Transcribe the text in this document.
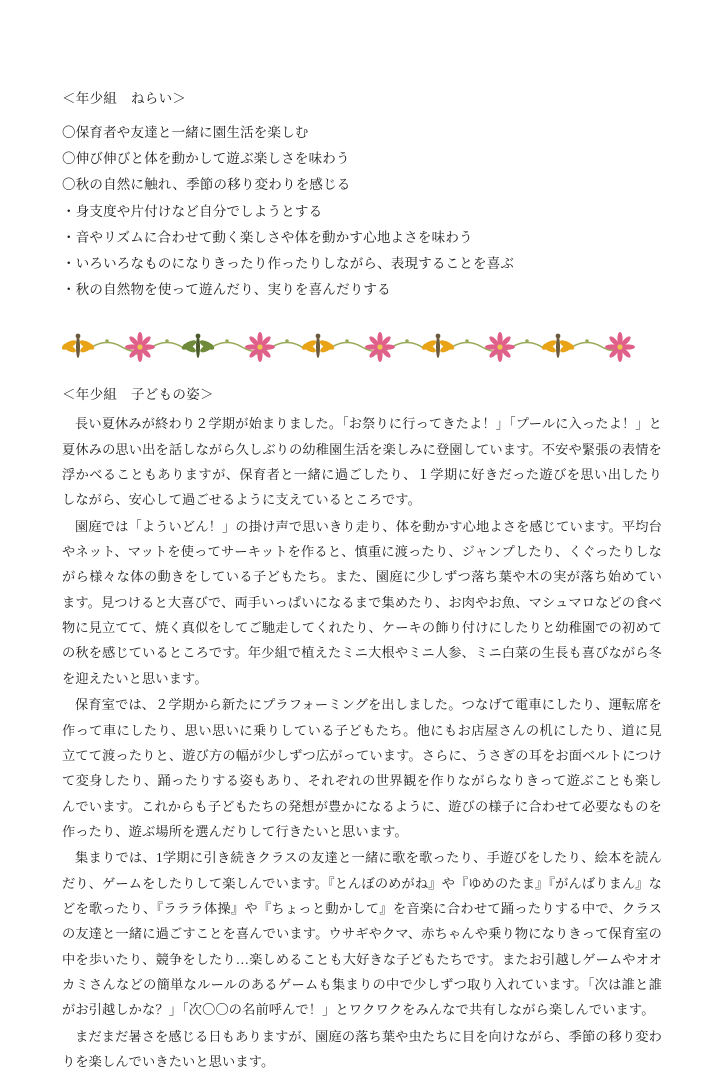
＜年少組　ねらい＞
〇保育者や友達と一緒に園生活を楽しむ
〇伸び伸びと体を動かして遊ぶ楽しさを味わう
〇秋の自然に触れ、季節の移り変わりを感じる
・身支度や片付けなど自分でしようとする
・音やリズムに合わせて動く楽しさや体を動かす心地よさを味わう
・いろいろなものになりきったり作ったりしながら、表現することを喜ぶ
・秋の自然物を使って遊んだり、実りを喜んだりする
＜年少組　子どもの姿＞

長い夏休みが終わり２学期が始まりました。「お祭りに行ってきたよ！」「プールに入ったよ！」と夏休みの思い出を話しながら久しぶりの幼稚園生活を楽しみに登園しています。不安や緊張の表情を浮かべることもありますが、保育者と一緒に過ごしたり、１学期に好きだった遊びを思い出したりしながら、安心して過ごせるように支えているところです。

園庭では「よういどん！」の掛け声で思いきり走り、体を動かす心地よさを感じています。平均台やネット、マットを使ってサーキットを作ると、慎重に渡ったり、ジャンプしたり、くぐったりしながら様々な体の動きをしている子どもたち。また、園庭に少しずつ落ち葉や木の実が落ち始めています。見つけると大喜びで、両手いっぱいになるまで集めたり、お肉やお魚、マシュマロなどの食べ物に見立てて、焼く真似をしてご馳走してくれたり、ケーキの飾り付けにしたりと幼稚園での初めての秋を感じているところです。年少組で植えたミニ大根やミニ人参、ミニ白菜の生長も喜びながら冬を迎えたいと思います。

保育室では、２学期から新たにプラフォーミングを出しました。つなげて電車にしたり、運転席を作って車にしたり、思い思いに乗りしている子どもたち。他にもお店屋さんの机にしたり、道に見立てて渡ったりと、遊び方の幅が少しずつ広がっています。さらに、うさぎの耳をお面ベルトにつけて変身したり、踊ったりする姿もあり、それぞれの世界観を作りながらなりきって遊ぶことも楽しんでいます。これからも子どもたちの発想が豊かになるように、遊びの様子に合わせて必要なものを作ったり、遊ぶ場所を選んだりして行きたいと思います。

集まりでは、1学期に引き続きクラスの友達と一緒に歌を歌ったり、手遊びをしたり、絵本を読んだり、ゲームをしたりして楽しんでいます。『とんぼのめがね』や『ゆめのたま』『がんばりまん』などを歌ったり、『ラララ体操』や『ちょっと動かして』を音楽に合わせて踊ったりする中で、クラスの友達と一緒に過ごすことを喜んでいます。ウサギやクマ、赤ちゃんや乗り物になりきって保育室の中を歩いたり、競争をしたり…楽しめることも大好きな子どもたちです。またお引越しゲームやオオカミさんなどの簡単なルールのあるゲームも集まりの中で少しずつ取り入れています。「次は誰と誰がお引越しかな？」「次〇〇の名前呼んで！」とワクワクをみんなで共有しながら楽しんでいます。

まだまだ暑さを感じる日もありますが、園庭の落ち葉や虫たちに目を向けながら、季節の移り変わりを楽しんでいきたいと思います。
